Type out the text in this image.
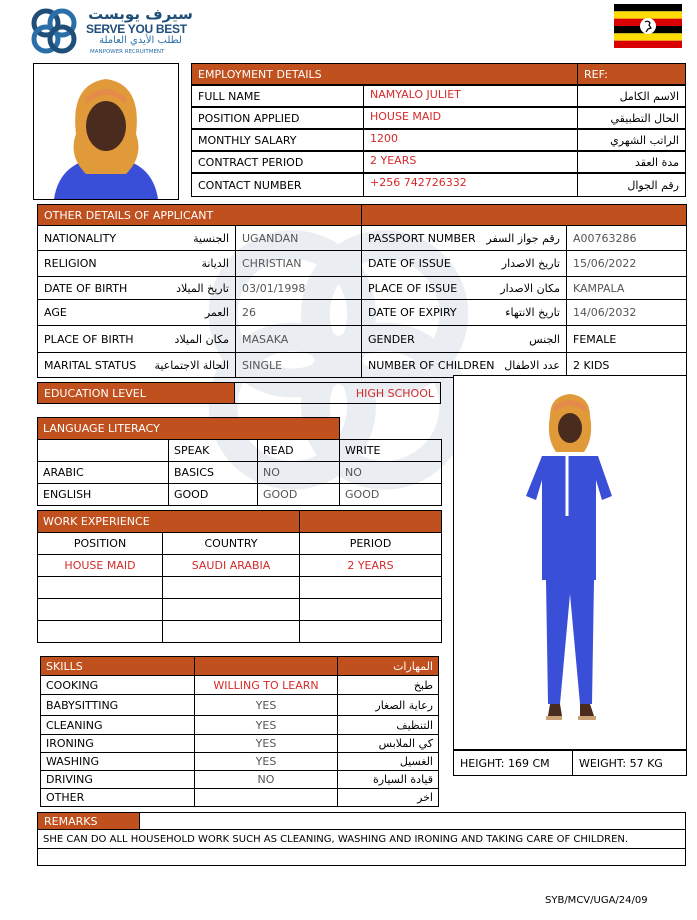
سيرف يوبست
SERVE YOU BEST
لطلب الأيدي العاملة
MANPOWER RECRUITMENT
EMPLOYMENT DETAILS	REF:
FULL NAME	NAMYALO JULIET	الاسم الكامل
POSITION APPLIED	HOUSE MAID	الحال التطبيقي
MONTHLY SALARY	1200	الراتب الشهري
CONTRACT PERIOD	2 YEARS	مدة العقد
CONTACT NUMBER	+256 742726332	رقم الجوال
OTHER DETAILS OF APPLICANT
NATIONALITY	الجنسية UGANDAN	PASSPORT NUMBER رقم جواز السفر A00763286
RELIGION	الديانة CHRISTIAN	DATE OF ISSUE	تاريخ الاصدار 15/06/2022
DATE OF BIRTH	تاريخ الميلاد 03/01/1998	PLACE OF ISSUE	مكان الاصدار KAMPALA
AGE	العمر 26	DATE OF EXPIRY	تاريخ الانتهاء 14/06/2032
PLACE OF BIRTH	مكان الميلاد MASAKA	GENDER	الجنس FEMALE
MARITAL STATUS الحالة الاجتماعية SINGLE	NUMBER OF CHILDREN عدد الاطفال 2 KIDS
EDUCATION LEVEL	HIGH SCHOOL
LANGUAGE LITERACY			
	SPEAK	READ	WRITE
ARABIC	BASICS	NO	NO
ENGLISH	GOOD	GOOD	GOOD
WORK EXPERIENCE		
POSITION	COUNTRY	PERIOD
HOUSE MAID	SAUDI ARABIA	2 YEARS

SKILLS		المهارات
COOKING	WILLING TO LEARN	طبخ
BABYSITTING	YES	رعاية الصغار
CLEANING	YES	التنظيف
IRONING	YES	كي الملابس
WASHING	YES	الغسيل
DRIVING	NO	قيادة السيارة
OTHER		اخر
HEIGHT:
169 CM	WEIGHT:
57 KG
REMARKS
SHE CAN DO ALL HOUSEHOLD WORK SUCH AS CLEANING, WASHING AND IRONING AND TAKING CARE OF CHILDREN.
SYB/MCV/UGA/24/09
